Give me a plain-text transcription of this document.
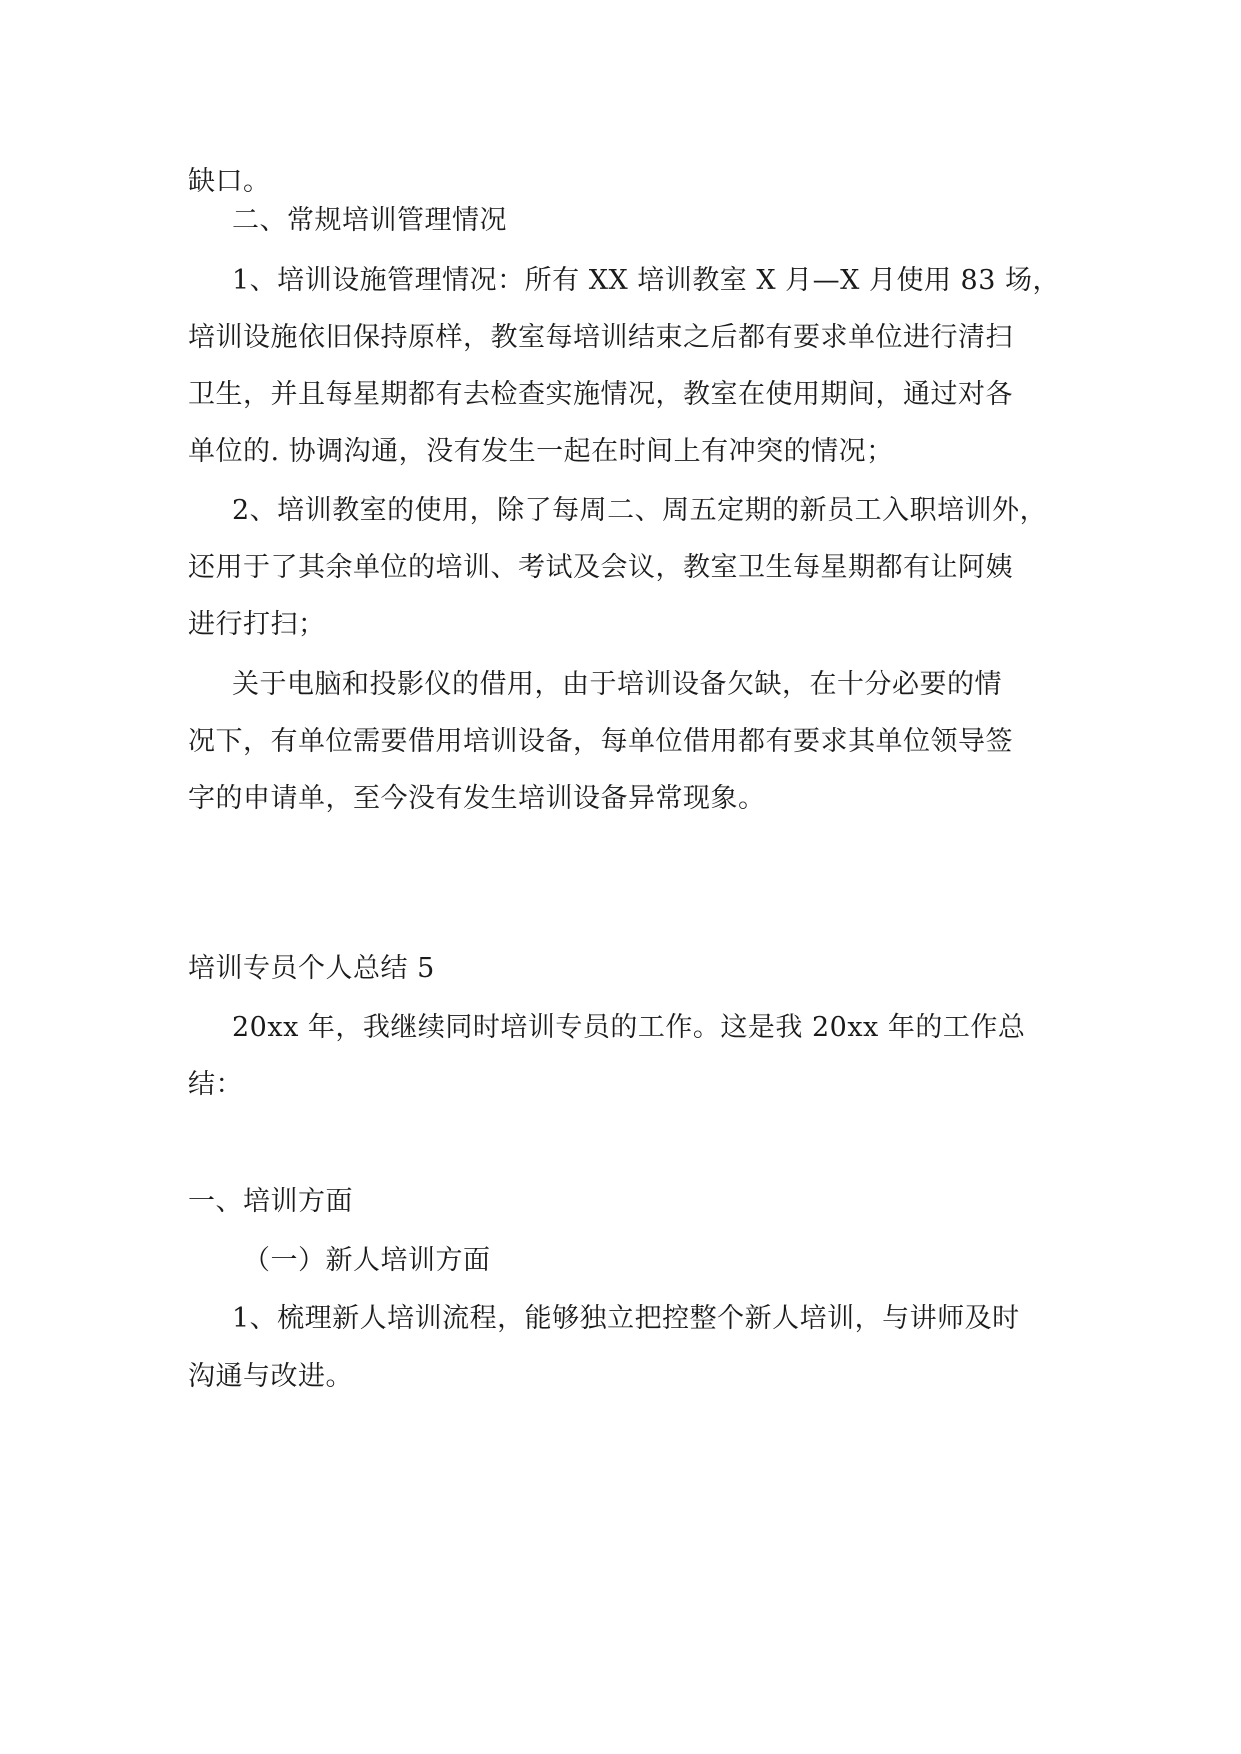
缺口。
二、常规培训管理情况
1、培训设施管理情况：所有 XX 培训教室 X 月—X 月使用 83 场，
培训设施依旧保持原样，教室每培训结束之后都有要求单位进行清扫
卫生，并且每星期都有去检查实施情况，教室在使用期间，通过对各
单位的. 协调沟通，没有发生一起在时间上有冲突的情况；
2、培训教室的使用，除了每周二、周五定期的新员工入职培训外，
还用于了其余单位的培训、考试及会议，教室卫生每星期都有让阿姨
进行打扫；
关于电脑和投影仪的借用，由于培训设备欠缺，在十分必要的情
况下，有单位需要借用培训设备，每单位借用都有要求其单位领导签
字的申请单，至今没有发生培训设备异常现象。
培训专员个人总结 5
20xx 年，我继续同时培训专员的工作。这是我 20xx 年的工作总
结：
一、培训方面
（一）新人培训方面
1、梳理新人培训流程，能够独立把控整个新人培训，与讲师及时
沟通与改进。
